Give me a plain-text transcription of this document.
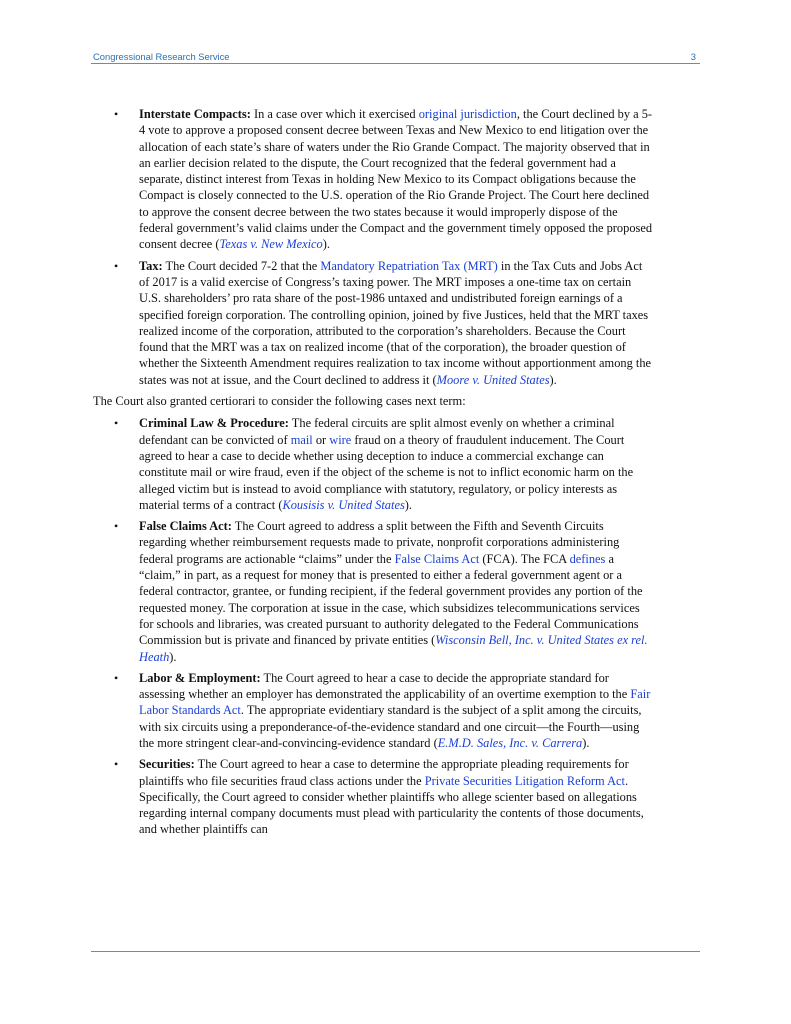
Congressional Research Service	3
• Interstate Compacts: In a case over which it exercised original jurisdiction, the Court declined by a 5-4 vote to approve a proposed consent decree between Texas and New Mexico to end litigation over the allocation of each state’s share of waters under the Rio Grande Compact. The majority observed that in an earlier decision related to the dispute, the Court recognized that the federal government had a separate, distinct interest from Texas in holding New Mexico to its Compact obligations because the Compact is closely connected to the U.S. operation of the Rio Grande Project. The Court here declined to approve the consent decree between the two states because it would improperly dispose of the federal government’s valid claims under the Compact and the government timely opposed the proposed consent decree (Texas v. New Mexico).
• Tax: The Court decided 7-2 that the Mandatory Repatriation Tax (MRT) in the Tax Cuts and Jobs Act of 2017 is a valid exercise of Congress’s taxing power. The MRT imposes a one-time tax on certain U.S. shareholders’ pro rata share of the post-1986 untaxed and undistributed foreign earnings of a specified foreign corporation. The controlling opinion, joined by five Justices, held that the MRT taxes realized income of the corporation, attributed to the corporation’s shareholders. Because the Court found that the MRT was a tax on realized income (that of the corporation), the broader question of whether the Sixteenth Amendment requires realization to tax income without apportionment among the states was not at issue, and the Court declined to address it (Moore v. United States).

The Court also granted certiorari to consider the following cases next term:

• Criminal Law & Procedure: The federal circuits are split almost evenly on whether a criminal defendant can be convicted of mail or wire fraud on a theory of fraudulent inducement. The Court agreed to hear a case to decide whether using deception to induce a commercial exchange can constitute mail or wire fraud, even if the object of the scheme is not to inflict economic harm on the alleged victim but is instead to avoid compliance with statutory, regulatory, or policy interests as material terms of a contract (Kousisis v. United States).
• False Claims Act: The Court agreed to address a split between the Fifth and Seventh Circuits regarding whether reimbursement requests made to private, nonprofit corporations administering federal programs are actionable “claims” under the False Claims Act (FCA). The FCA defines a “claim,” in part, as a request for money that is presented to either a federal government agent or a federal contractor, grantee, or funding recipient, if the federal government provides any portion of the requested money. The corporation at issue in the case, which subsidizes telecommunications services for schools and libraries, was created pursuant to authority delegated to the Federal Communications Commission but is private and financed by private entities (Wisconsin Bell, Inc. v. United States ex rel. Heath).
• Labor & Employment: The Court agreed to hear a case to decide the appropriate standard for assessing whether an employer has demonstrated the applicability of an overtime exemption to the Fair Labor Standards Act. The appropriate evidentiary standard is the subject of a split among the circuits, with six circuits using a preponderance-of-the-evidence standard and one circuit—the Fourth—using the more stringent clear-and-convincing-evidence standard (E.M.D. Sales, Inc. v. Carrera).
• Securities: The Court agreed to hear a case to determine the appropriate pleading requirements for plaintiffs who file securities fraud class actions under the Private Securities Litigation Reform Act. Specifically, the Court agreed to consider whether plaintiffs who allege scienter based on allegations regarding internal company documents must plead with particularity the contents of those documents, and whether plaintiffs can
